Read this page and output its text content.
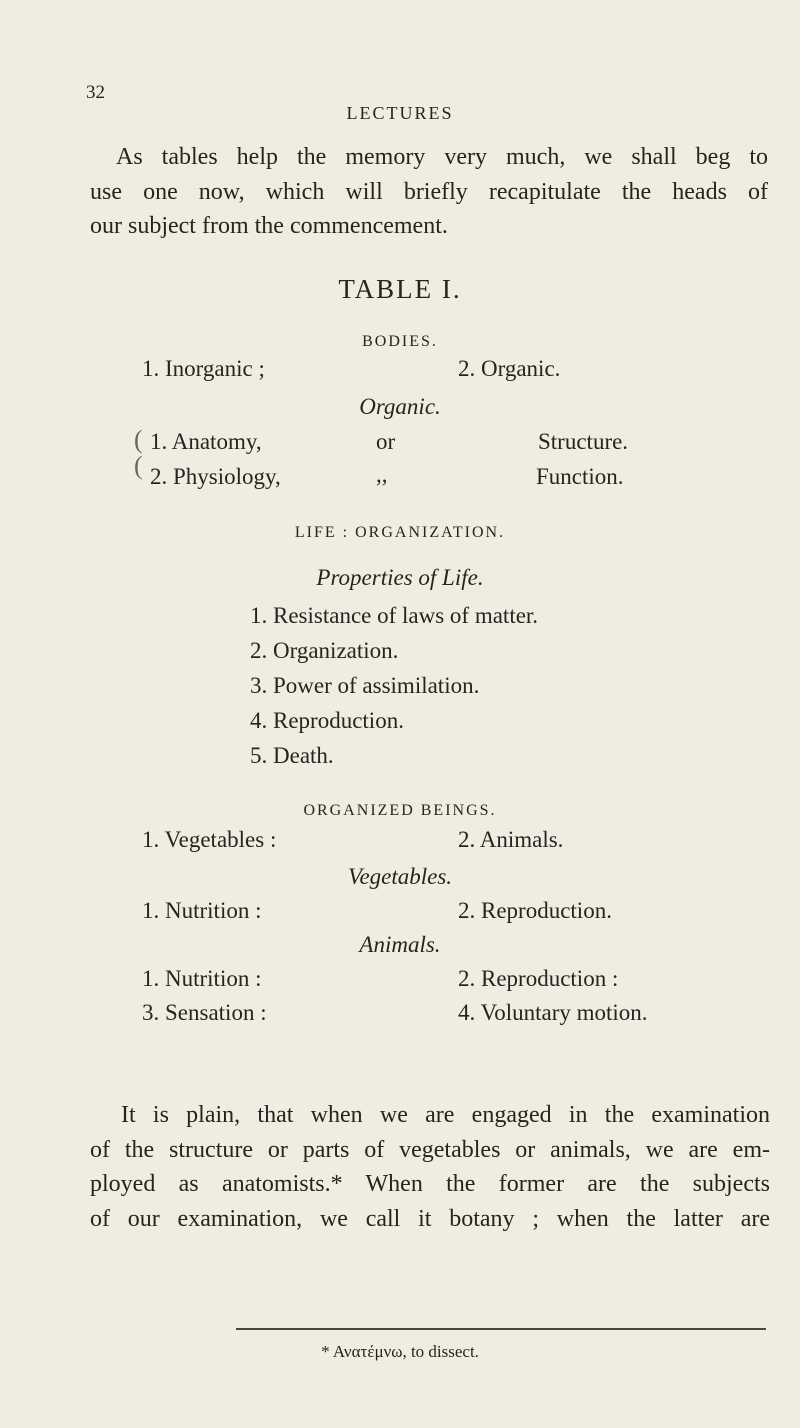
32
LECTURES
As tables help the memory very much, we shall beg to
use one now, which will briefly recapitulate the heads of
our subject from the commencement.
TABLE I.
BODIES.
1. Inorganic ;	2. Organic.
Organic.
(
(
1. Anatomy,	or	Structure.
2. Physiology,	,,	Function.
LIFE : ORGANIZATION.
Properties of Life.
1. Resistance of laws of matter.
2. Organization.
3. Power of assimilation.
4. Reproduction.
5. Death.
ORGANIZED BEINGS.
1. Vegetables :	2. Animals.
Vegetables.
1. Nutrition :	2. Reproduction.
Animals.
1. Nutrition :	2. Reproduction :
3. Sensation :	4. Voluntary motion.
It is plain, that when we are engaged in the examination
of the structure or parts of vegetables or animals, we are em-
ployed as anatomists.* When the former are the subjects
of our examination, we call it botany ; when the latter are
* Ανατέμνω, to dissect.
